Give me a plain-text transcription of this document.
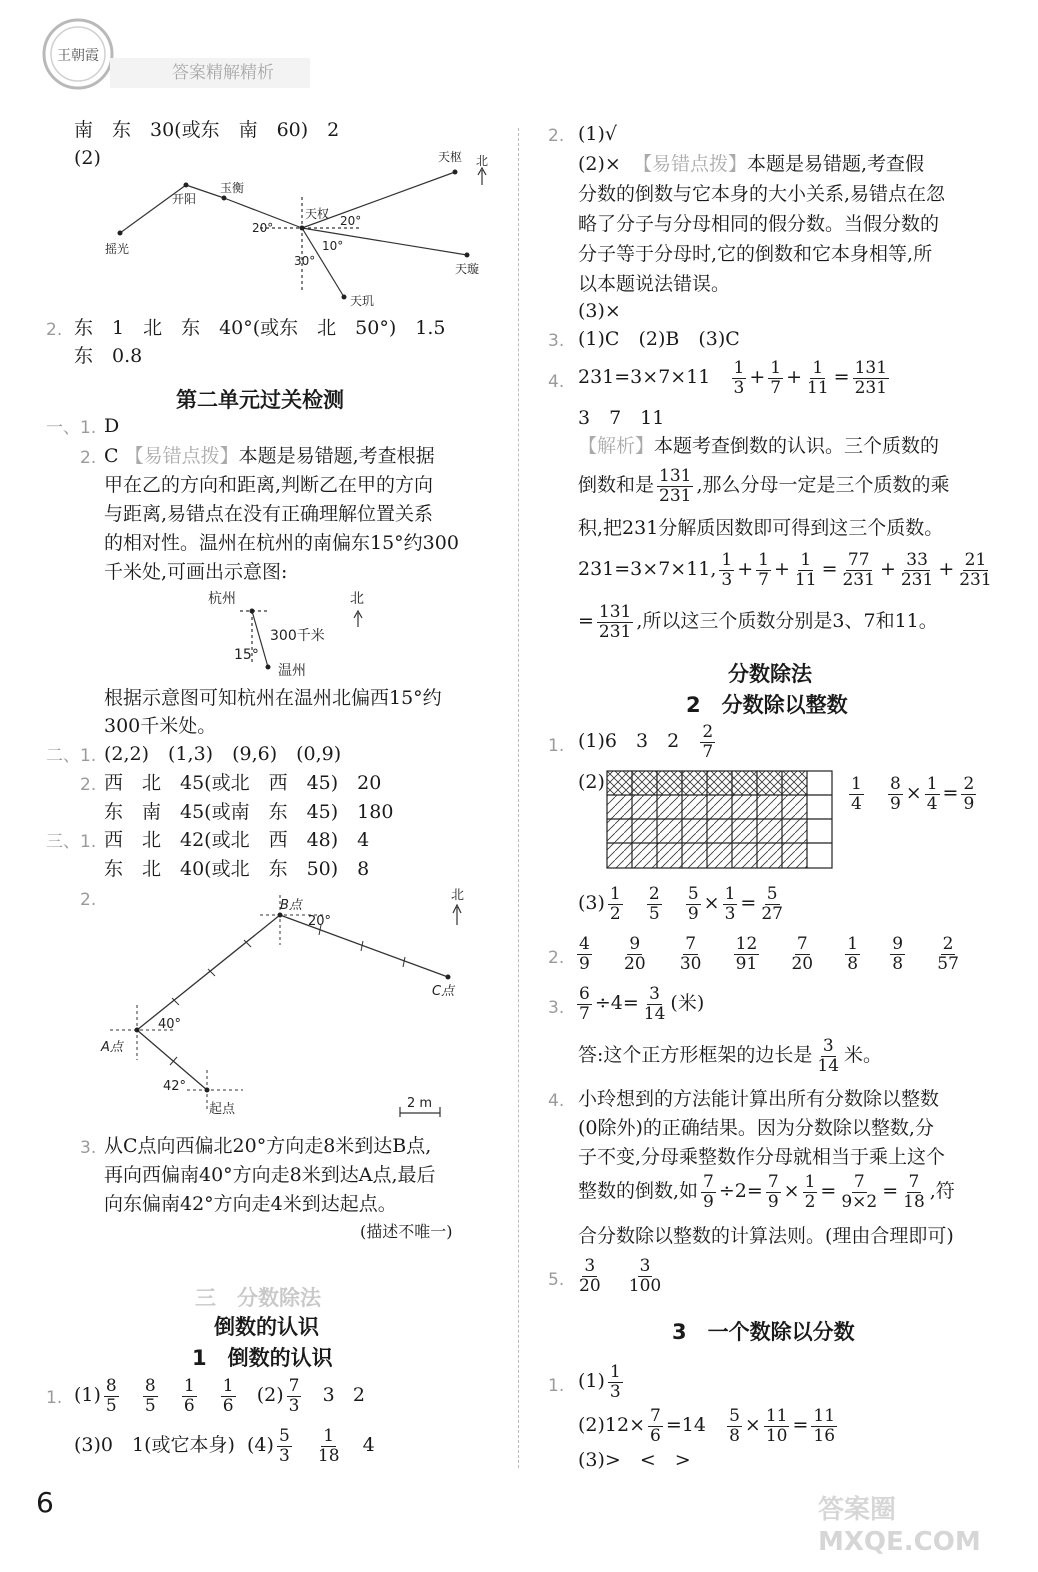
王朝霞
答案精解精析
南　东　30(或东　南　60)　2
(2)	天枢 北
开阳
玉衡
天权 20°
20°
10°
30°
摇光
天璇
天玑
2. 东　1　北　东　40°(或东　北　50°)　1.5
东　0.8
第二单元过关检测
一、1. D
2. C 【易错点拨】本题是易错题,考查根据
甲在乙的方向和距离,判断乙在甲的方向
与距离,易错点在没有正确理解位置关系
的相对性。温州在杭州的南偏东15°约300
千米处,可画出示意图:
杭州
温州
300千米
15°
北
根据示意图可知杭州在温州北偏西15°约
300千米处。
二、1. (2,2)　(1,3)　(9,6)　(0,9)
2. 西　北　45(或北　西　45)　20
东　南　45(或南　东　45)　180
三、1. 西　北　42(或北　西　48)　4
东　北　40(或北　东　50)　8
2.	B点
C点
A点
起点
20°
40°
42°
北
2 m
3. 从C点向西偏北20°方向走8米到达B点,
再向西偏南40°方向走8米到达A点,最后
向东偏南42°方向走4米到达起点。
(描述不唯一)
三　分数除法
倒数的认识
1　倒数的认识
1. $(1) \frac{8}{5}$
$\frac{8}{5}$
$\frac{1}{6}$
$\frac{1}{6} (2) \frac{7}{3} 3$ 2
(3)0　1(或它本身) $(4) \frac{5}{3}$
$\frac{1}{18} 4$
6
2. (1)√
(2)× 【易错点拨】本题是易错题,考查假
分数的倒数与它本身的大小关系,易错点在忽
略了分子与分母相同的假分数。当假分数的
分子等于分母时,它的倒数和它本身相等,所
以本题说法错误。
(3)×
3. (1)C　(2)B　(3)C
4. $231=3\times 7\times 11 \frac{1}{3} + \frac{1}{7} + \frac{1}{11} = \frac{131}{231}$
3　7　11
【解析】本题考查倒数的认识。三个质数的
倒数和是 $\frac{131}{231}$ ,那么分母一定是三个质数的乘
积,把231分解质因数即可得到这三个质数。
231=3×7×11, $\frac{1}{3} + \frac{1}{7} + \frac{1}{11} = \frac{77}{231} + \frac{33}{231} + \frac{21}{231}$
= $\frac{131}{231}$ ,所以这三个质数分别是3、7和11。
分数除法
2　分数除以整数
1. (1)6　3　$2 \frac{2}{7}$
(2)	$\frac{1}{4}$
$\frac{8}{9} \times \frac{1}{4} = \frac{2}{9}$
$(3) \frac{1}{2}$
$\frac{2}{5}$
$\frac{5}{9} \times \frac{1}{3} = \frac{5}{27}$
2. $\frac{4}{9}$
$\frac{9}{20}$
$\frac{7}{30}$
$\frac{12}{91}$
$\frac{7}{20}$
$\frac{1}{8}$
$\frac{9}{8}$
$\frac{2}{57}$
3. $\frac{6}{7} \div 4= \frac{3}{14}$ (米)
答:这个正方形框架的边长是 $\frac{3}{14}$ 米。
4. 小玲想到的方法能计算出所有分数除以整数
(0除外)的正确结果。因为分数除以整数,分
子不变,分母乘整数作分母就相当于乘上这个
整数的倒数,如 $\frac{7}{9} \div 2= \frac{7}{9} \times \frac{1}{2} = \frac{7}{9\times 2} = \frac{7}{18}$ ,符
合分数除以整数的计算法则。(理由合理即可)
5. $\frac{3}{20}$
$\frac{3}{100}$
3　一个数除以分数
1. $(1) \frac{1}{3}$
$(2)12\times \frac{7}{6} =14 \frac{5}{8} \times \frac{11}{10} = \frac{11}{16}$
(3)>　<　>
答案圈 MXQE.COM
